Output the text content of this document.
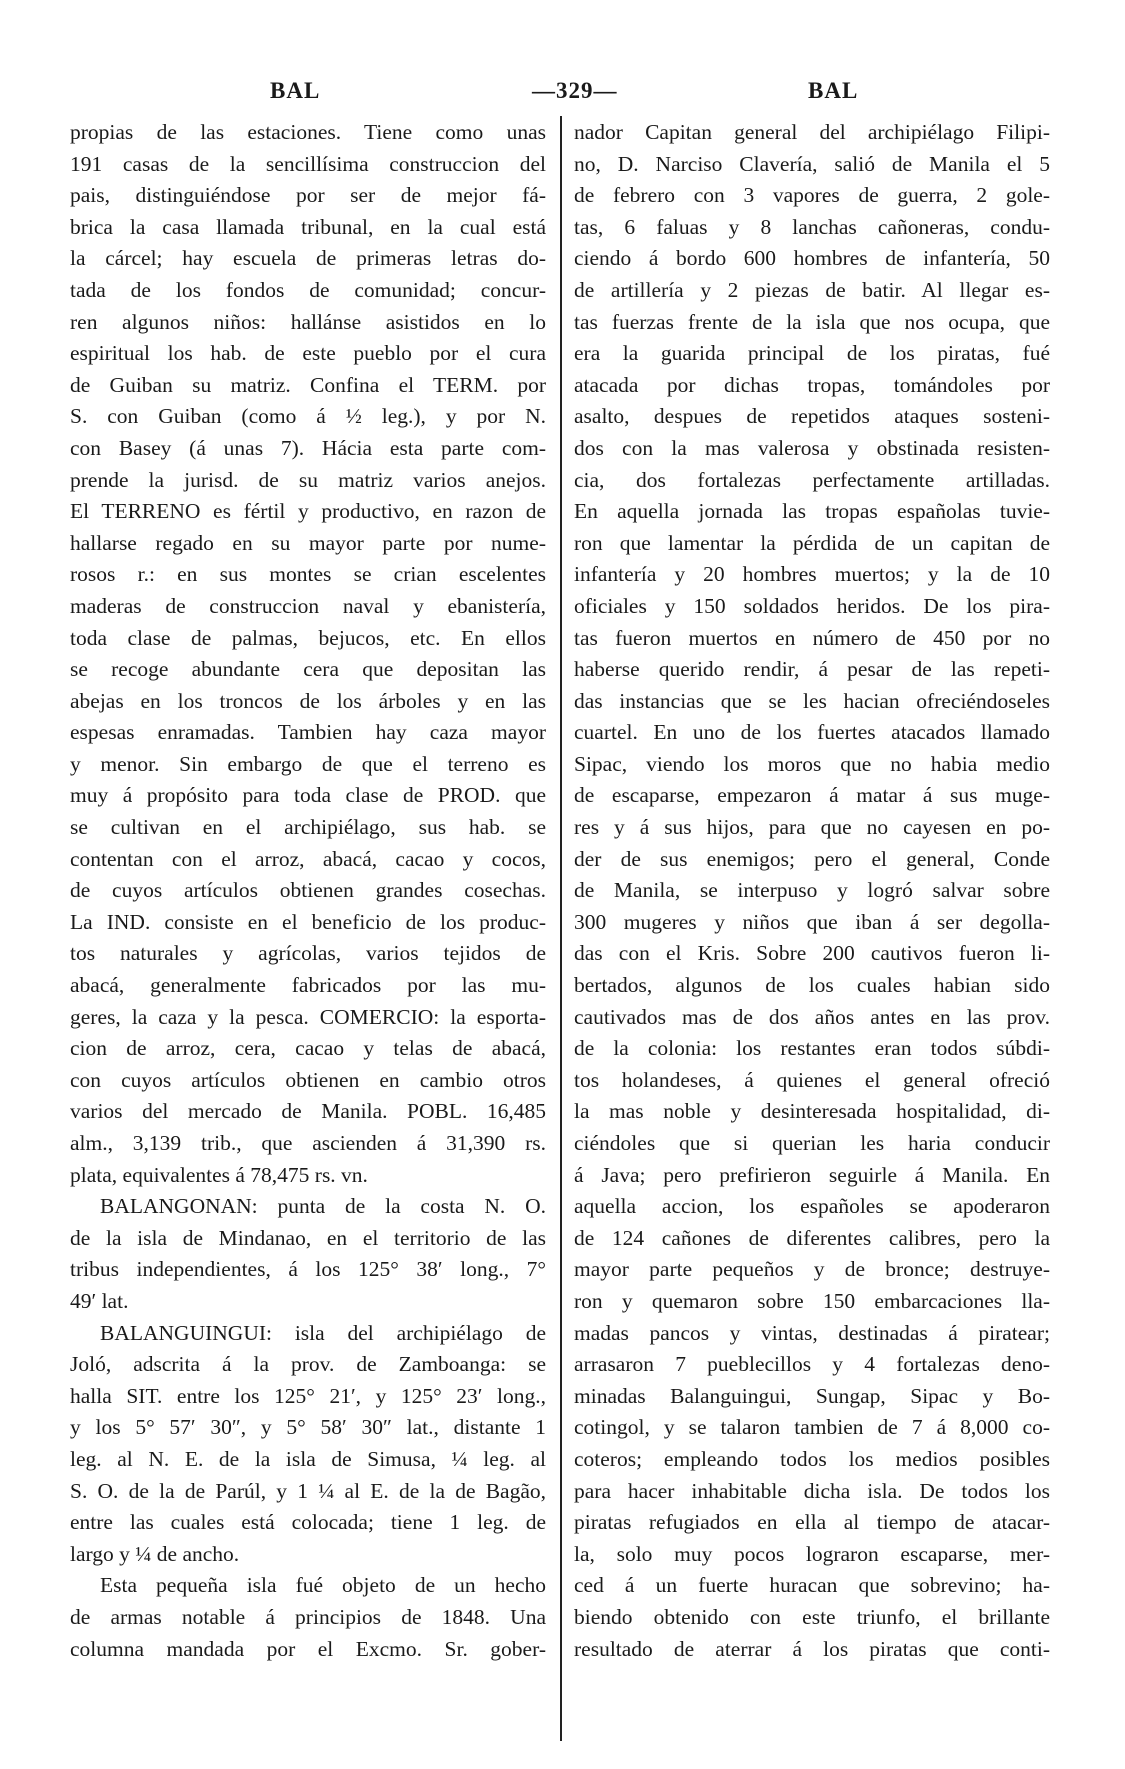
BAL	—329—	BAL
propias de las estaciones. Tiene como unas
191 casas de la sencillísima construccion del
pais, distinguiéndose por ser de mejor fá-
brica la casa llamada tribunal, en la cual está
la cárcel; hay escuela de primeras letras do-
tada de los fondos de comunidad; concur-
ren algunos niños: hallánse asistidos en lo
espiritual los hab. de este pueblo por el cura
de Guiban su matriz. Confina el TERM. por
S. con Guiban (como á ½ leg.), y por N.
con Basey (á unas 7). Hácia esta parte com-
prende la jurisd. de su matriz varios anejos.
El TERRENO es fértil y productivo, en razon de
hallarse regado en su mayor parte por nume-
rosos r.: en sus montes se crian escelentes
maderas de construccion naval y ebanistería,
toda clase de palmas, bejucos, etc. En ellos
se recoge abundante cera que depositan las
abejas en los troncos de los árboles y en las
espesas enramadas. Tambien hay caza mayor
y menor. Sin embargo de que el terreno es
muy á propósito para toda clase de PROD. que
se cultivan en el archipiélago, sus hab. se
contentan con el arroz, abacá, cacao y cocos,
de cuyos artículos obtienen grandes cosechas.
La IND. consiste en el beneficio de los produc-
tos naturales y agrícolas, varios tejidos de
abacá, generalmente fabricados por las mu-
geres, la caza y la pesca. COMERCIO: la esporta-
cion de arroz, cera, cacao y telas de abacá,
con cuyos artículos obtienen en cambio otros
varios del mercado de Manila. POBL. 16,485
alm., 3,139 trib., que ascienden á 31,390 rs.
plata, equivalentes á 78,475 rs. vn.
BALANGONAN: punta de la costa N. O.
de la isla de Mindanao, en el territorio de las
tribus independientes, á los 125° 38′ long., 7°
49′ lat.
BALANGUINGUI: isla del archipiélago de
Joló, adscrita á la prov. de Zamboanga: se
halla SIT. entre los 125° 21′, y 125° 23′ long.,
y los 5° 57′ 30″, y 5° 58′ 30″ lat., distante 1
leg. al N. E. de la isla de Simusa, ¼ leg. al
S. O. de la de Parúl, y 1 ¼ al E. de la de Bagão,
entre las cuales está colocada; tiene 1 leg. de
largo y ¼ de ancho.
Esta pequeña isla fué objeto de un hecho
de armas notable á principios de 1848. Una
columna mandada por el Excmo. Sr. gober-
nador Capitan general del archipiélago Filipi-
no, D. Narciso Clavería, salió de Manila el 5
de febrero con 3 vapores de guerra, 2 gole-
tas, 6 faluas y 8 lanchas cañoneras, condu-
ciendo á bordo 600 hombres de infantería, 50
de artillería y 2 piezas de batir. Al llegar es-
tas fuerzas frente de la isla que nos ocupa, que
era la guarida principal de los piratas, fué
atacada por dichas tropas, tomándoles por
asalto, despues de repetidos ataques sosteni-
dos con la mas valerosa y obstinada resisten-
cia, dos fortalezas perfectamente artilladas.
En aquella jornada las tropas españolas tuvie-
ron que lamentar la pérdida de un capitan de
infantería y 20 hombres muertos; y la de 10
oficiales y 150 soldados heridos. De los pira-
tas fueron muertos en número de 450 por no
haberse querido rendir, á pesar de las repeti-
das instancias que se les hacian ofreciéndoseles
cuartel. En uno de los fuertes atacados llamado
Sipac, viendo los moros que no habia medio
de escaparse, empezaron á matar á sus muge-
res y á sus hijos, para que no cayesen en po-
der de sus enemigos; pero el general, Conde
de Manila, se interpuso y logró salvar sobre
300 mugeres y niños que iban á ser degolla-
das con el Kris. Sobre 200 cautivos fueron li-
bertados, algunos de los cuales habian sido
cautivados mas de dos años antes en las prov.
de la colonia: los restantes eran todos súbdi-
tos holandeses, á quienes el general ofreció
la mas noble y desinteresada hospitalidad, di-
ciéndoles que si querian les haria conducir
á Java; pero prefirieron seguirle á Manila. En
aquella accion, los españoles se apoderaron
de 124 cañones de diferentes calibres, pero la
mayor parte pequeños y de bronce; destruye-
ron y quemaron sobre 150 embarcaciones lla-
madas pancos y vintas, destinadas á piratear;
arrasaron 7 pueblecillos y 4 fortalezas deno-
minadas Balanguingui, Sungap, Sipac y Bo-
cotingol, y se talaron tambien de 7 á 8,000 co-
coteros; empleando todos los medios posibles
para hacer inhabitable dicha isla. De todos los
piratas refugiados en ella al tiempo de atacar-
la, solo muy pocos lograron escaparse, mer-
ced á un fuerte huracan que sobrevino; ha-
biendo obtenido con este triunfo, el brillante
resultado de aterrar á los piratas que conti-
